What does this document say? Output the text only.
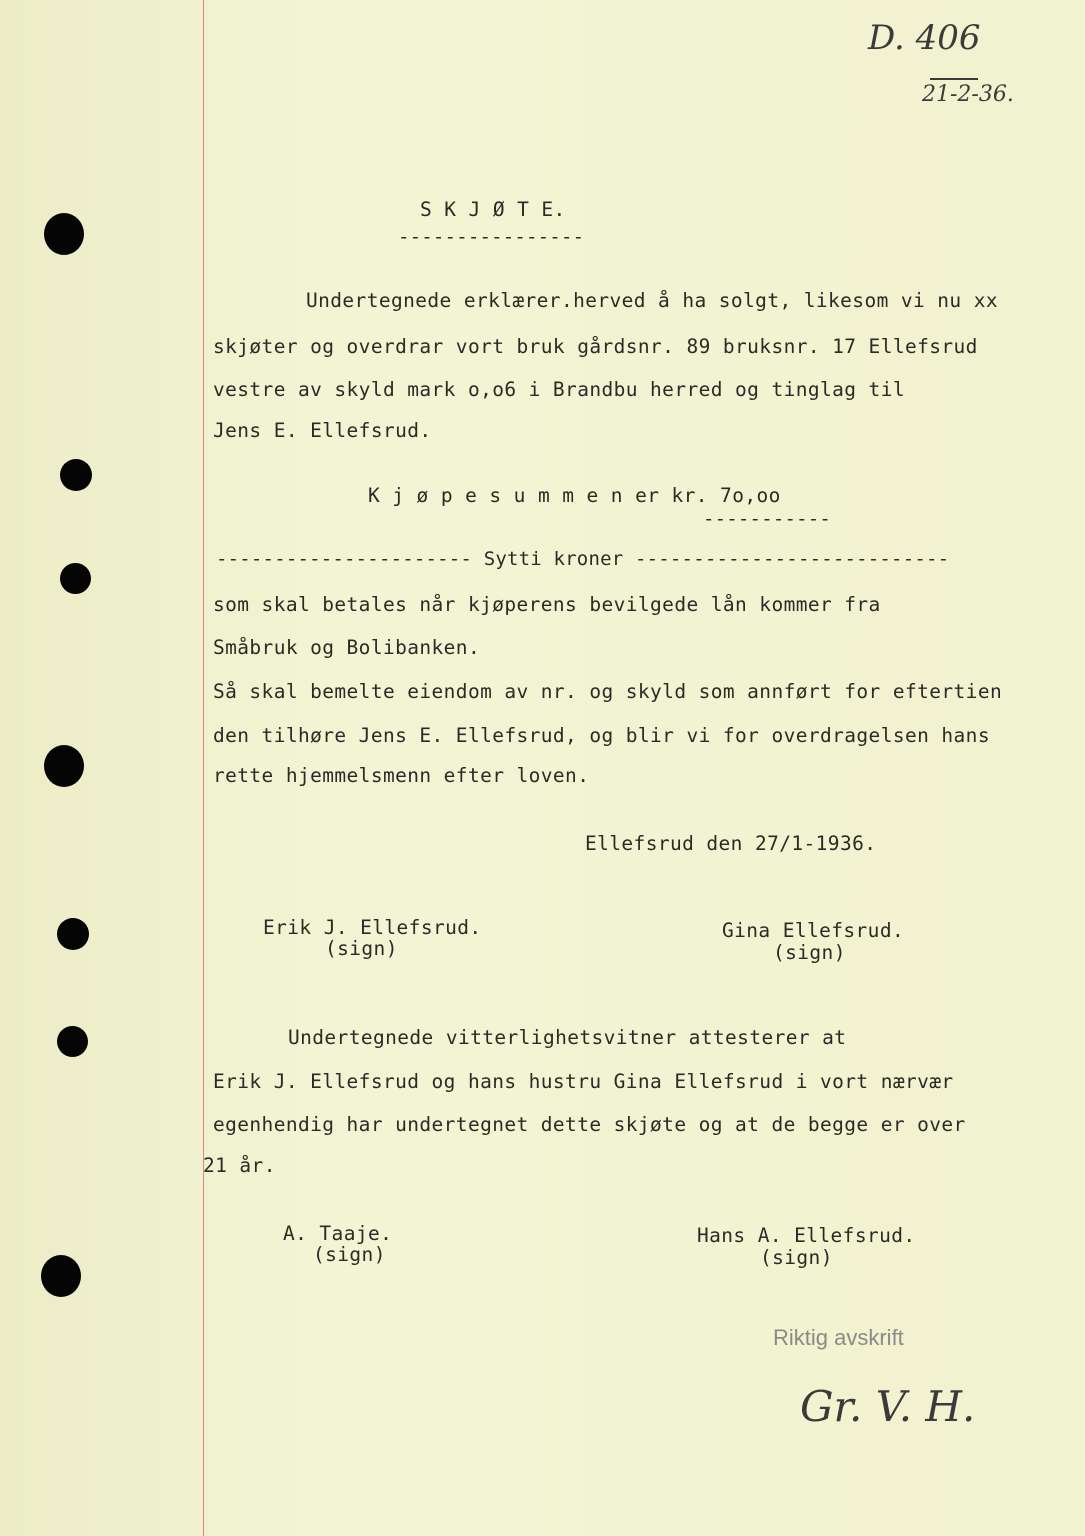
D. 406
21-2-36.
S K J Ø T E.
----------------
Undertegnede erklærer.herved å ha solgt, likesom vi nu xx
skjøter og overdrar vort bruk gårdsnr. 89 bruksnr. 17 Ellefsrud
vestre av skyld mark o,o6 i Brandbu herred og tinglag til
Jens E. Ellefsrud.
K j ø p e s u m m e n er kr. 7o,oo
-----------
---------------------- Sytti kroner ---------------------------
som skal betales når kjøperens bevilgede lån kommer fra
Småbruk og Bolibanken.
Så skal bemelte eiendom av nr. og skyld som annført for eftertien
den tilhøre Jens E. Ellefsrud, og blir vi for overdragelsen hans
rette hjemmelsmenn efter loven.
Ellefsrud den 27/1-1936.
Erik J. Ellefsrud.
(sign)
Gina Ellefsrud.
(sign)
Undertegnede vitterlighetsvitner attesterer at
Erik J. Ellefsrud og hans hustru Gina Ellefsrud i vort nærvær
egenhendig har undertegnet dette skjøte og at de begge er over
21 år.
A. Taaje.
(sign)
Hans A. Ellefsrud.
(sign)
Riktig avskrift
Gr. V. H.
